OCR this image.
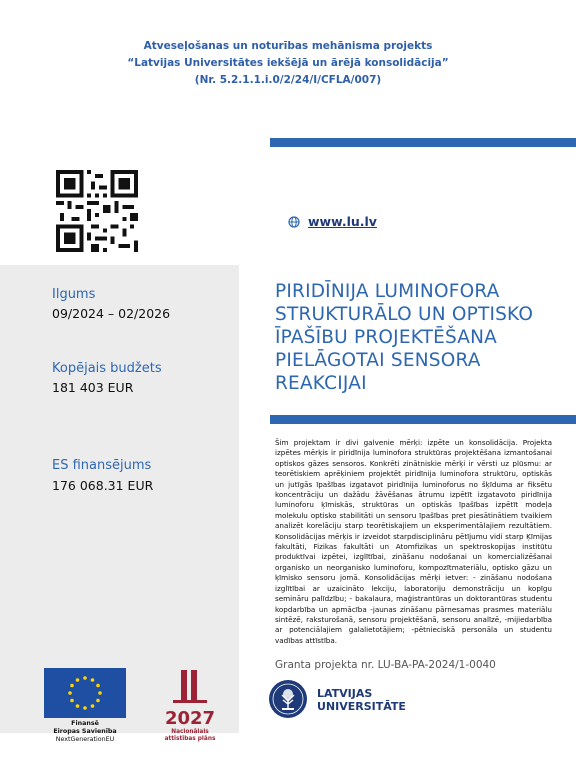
Atveseļošanas un noturības mehānisma projekts
“Latvijas Universitātes iekšējā un ārējā konsolidācija”
(Nr. 5.2.1.1.i.0/2/24/I/CFLA/007)
Ilgums
09/2024 – 02/2026
Kopējais budžets
181 403 EUR
ES finansējums
176 068.31 EUR
www.lu.lv
PIRIDĪNIJA LUMINOFORA STRUKTURĀLO UN OPTISKO ĪPAŠĪBU PROJEKTĒŠANA PIELĀGOTAI SENSORA REAKCIJAI
Šim projektam ir divi galvenie mērķi: izpēte un konsolidācija. Projekta izpētes mērķis ir piridīnija luminofora struktūras projektēšana izmantošanai optiskos gāzes sensoros. Konkrēti zinātniskie mērķi ir vērsti uz plūsmu: ar teorētiskiem aprēķiniem projektēt piridīnija luminofora struktūru, optiskās un jutīgās īpašības izgatavot piridīnija luminoforus no šķīduma ar fiksētu koncentrāciju un dažādu žāvēšanas ātrumu izpētīt izgatavoto piridīnija luminoforu ķīmiskās, struktūras un optiskās īpašības izpētīt modeļa molekulu optisko stabilitāti un sensoru īpašības pret piesātinātiem tvaikiem analizēt korelāciju starp teorētiskajiem un eksperimentālajiem rezultātiem. Konsolidācijas mērķis ir izveidot starpdisciplināru pētījumu vidi starp Ķīmijas fakultāti, Fizikas fakultāti un Atomfizikas un spektroskopijas institūtu produktīvai izpētei, izglītībai, zināšanu nodošanai un komercializēšanai organisko un neorganisko luminoforu, kompozītmateriālu, optisko gāzu un ķīmisko sensoru jomā. Konsolidācijas mērķi ietver: - zināšanu nodošana izglītībai ar uzaicināto lekciju, laboratoriju demonstrāciju un kopīgu semināru palīdzību; - bakalaura, maģistrantūras un doktorantūras studentu kopdarbība un apmācība -jaunas zināšanu pārnesamas prasmes materiālu sintēzē, raksturošanā, sensoru projektēšanā, sensoru analīzē, -mijiedarbība ar potenciālajiem galalietotājiem; -pētnieciskā personāla un studentu vadības attīstība.
Granta projekta nr. LU-BA-PA-2024/1-0040
Finansē
Eiropas Savienība
NextGenerationEU
2027
Nacionālais
attīstības plāns
LATVIJAS
UNIVERSITĀTE
